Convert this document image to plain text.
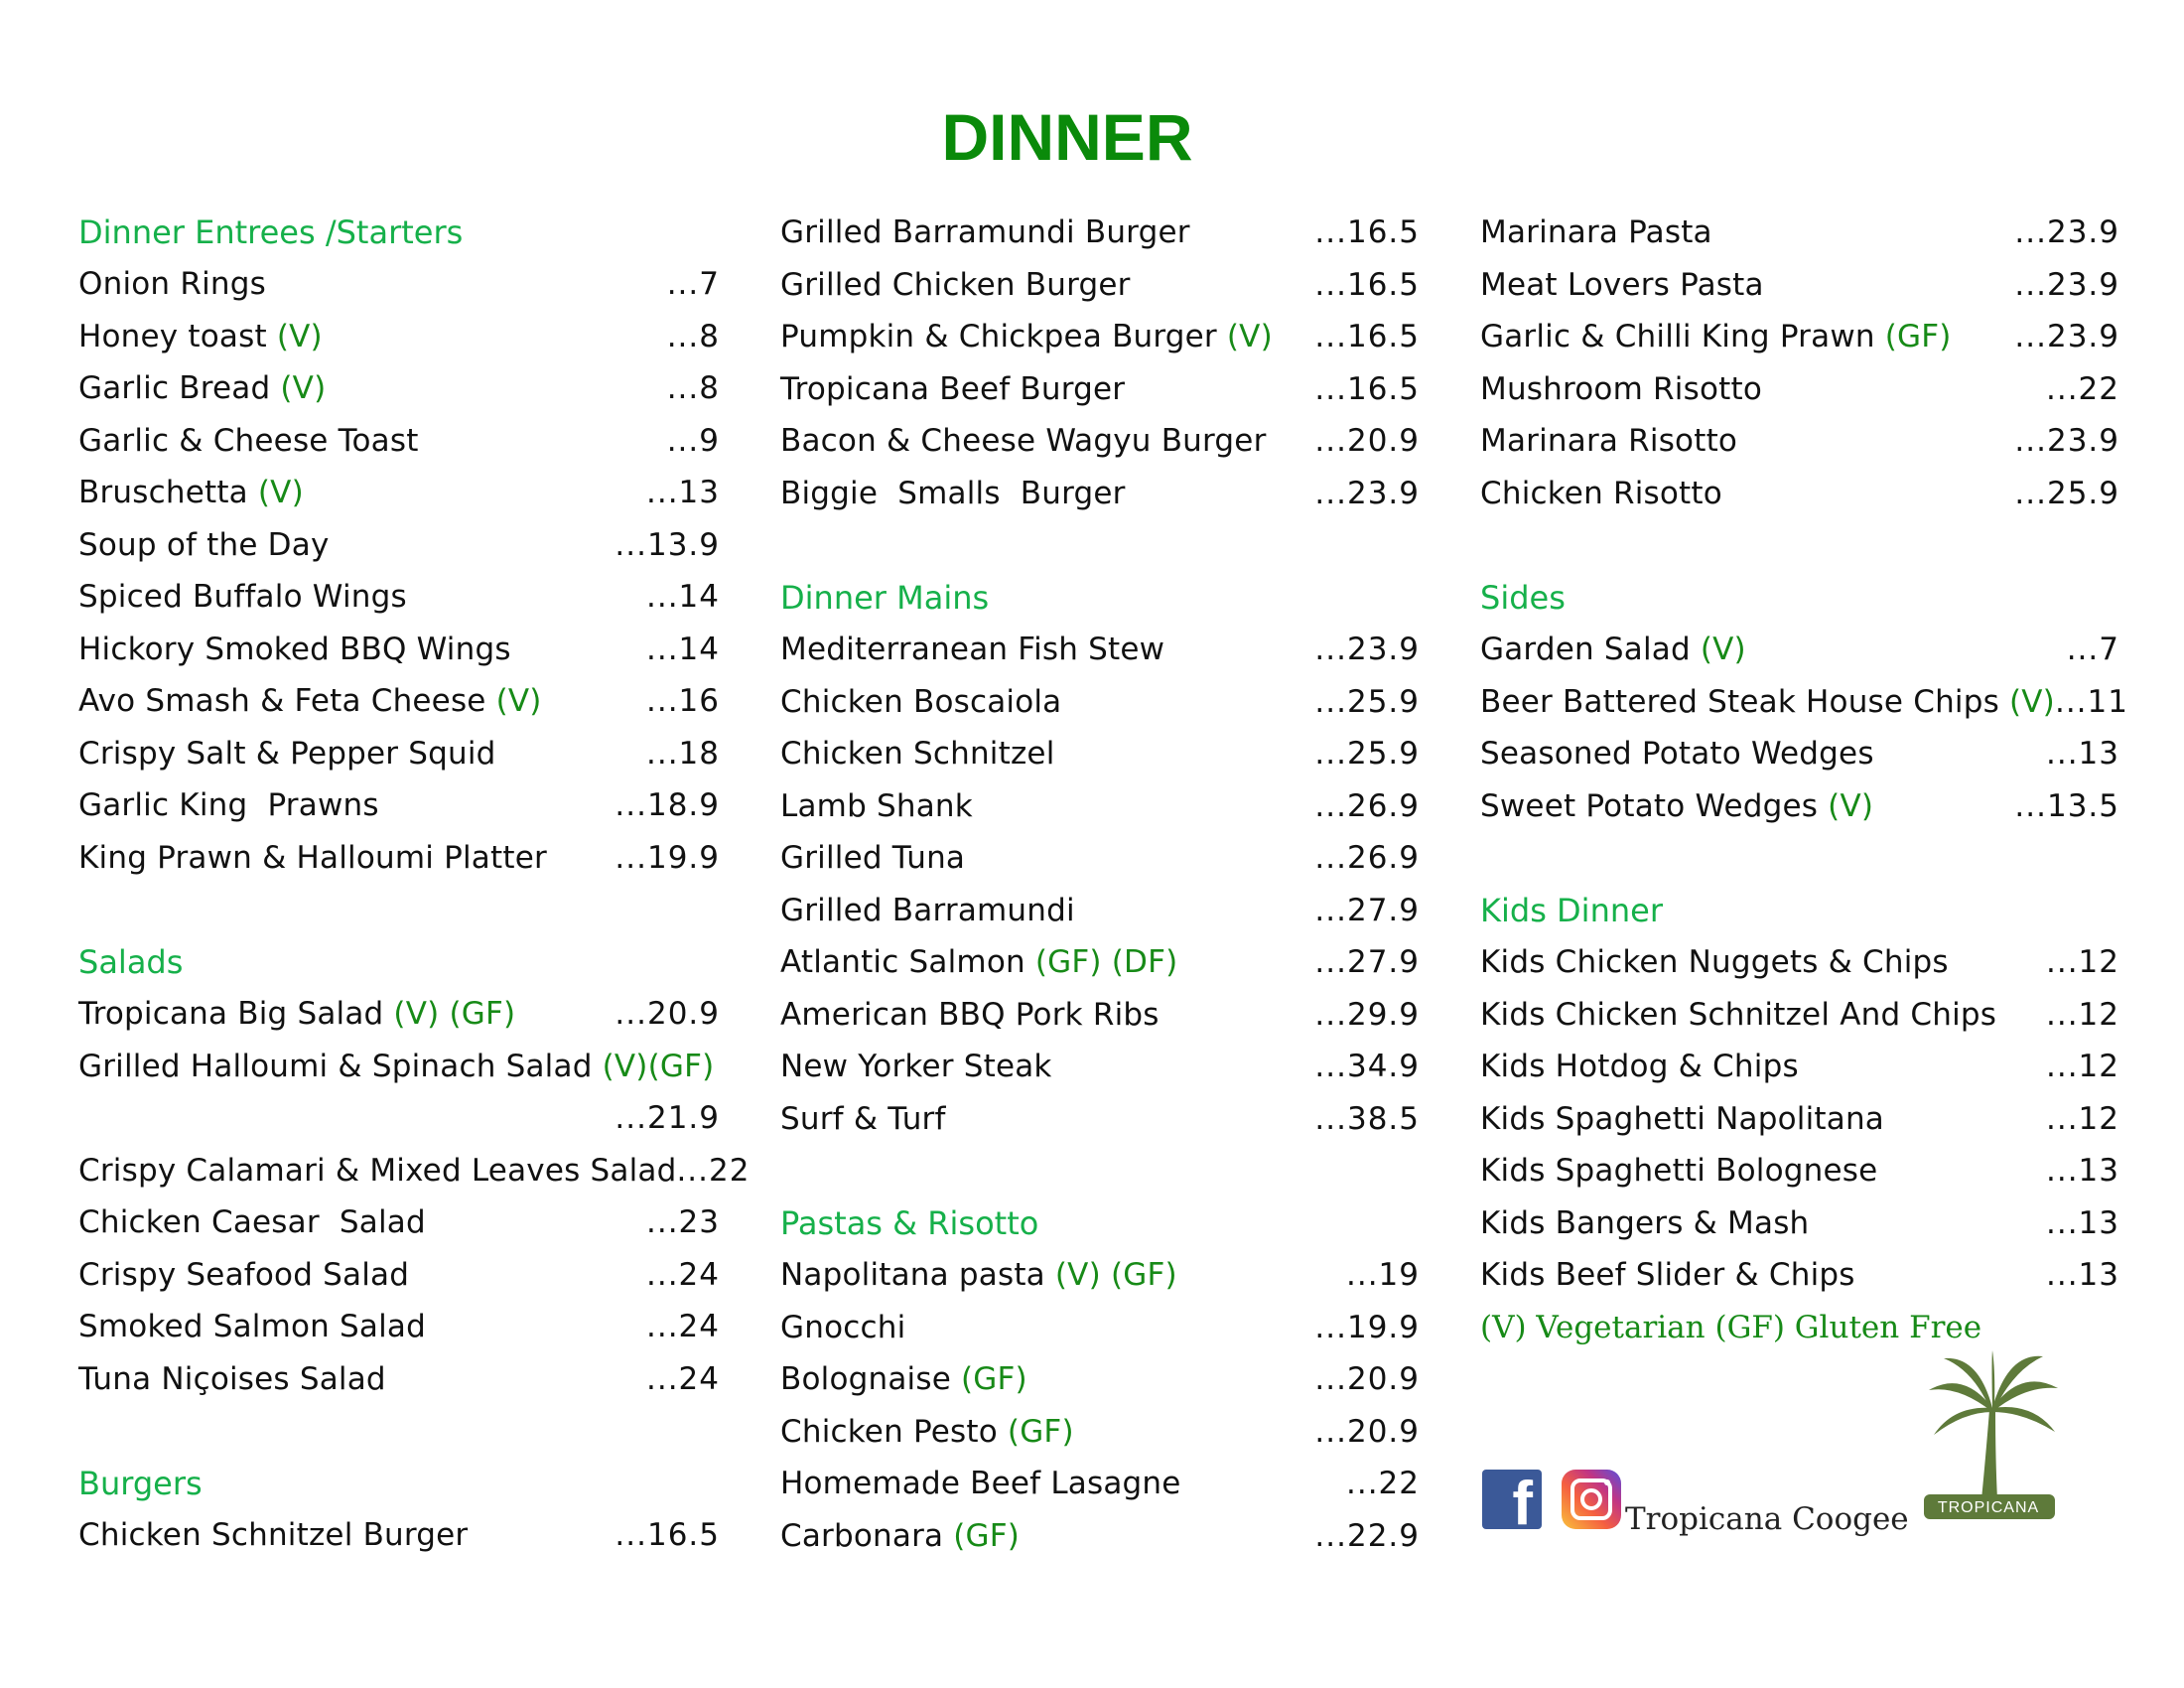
DINNER
Dinner Entrees /Starters
Onion Rings	...7
Honey toast (V)	...8
Garlic Bread (V)	...8
Garlic & Cheese Toast	...9
Bruschetta (V)	...13
Soup of the Day	...13.9
Spiced Buffalo Wings	...14
Hickory Smoked BBQ Wings	...14
Avo Smash & Feta Cheese (V)	...16
Crispy Salt & Pepper Squid	...18
Garlic King  Prawns	...18.9
King Prawn & Halloumi Platter ...19.9
Salads
Tropicana Big Salad (V) (GF)	...20.9
Grilled Halloumi & Spinach Salad (V)(GF)
...21.9
Crispy Calamari & Mixed Leaves Salad ...22
Chicken Caesar  Salad	...23
Crispy Seafood Salad	...24
Smoked Salmon Salad	...24
Tuna Niçoises Salad	...24
Burgers
Chicken Schnitzel Burger	...16.5
Grilled Barramundi Burger	...16.5
Grilled Chicken Burger	...16.5
Pumpkin & Chickpea Burger (V) ...16.5
Tropicana Beef Burger	...16.5
Bacon & Cheese Wagyu Burger ...20.9
Biggie  Smalls  Burger	...23.9
Dinner Mains
Mediterranean Fish Stew	...23.9
Chicken Boscaiola	...25.9
Chicken Schnitzel	...25.9
Lamb Shank	...26.9
Grilled Tuna	...26.9
Grilled Barramundi	...27.9
Atlantic Salmon (GF) (DF)	...27.9
American BBQ Pork Ribs	...29.9
New Yorker Steak	...34.9
Surf & Turf	...38.5
Pastas & Risotto
Napolitana pasta (V) (GF)	...19
Gnocchi	...19.9
Bolognaise (GF)	...20.9
Chicken Pesto (GF)	...20.9
Homemade Beef Lasagne	...22
Carbonara (GF)	...22.9
Marinara Pasta	...23.9
Meat Lovers Pasta	...23.9
Garlic & Chilli King Prawn (GF) ...23.9
Mushroom Risotto	...22
Marinara Risotto	...23.9
Chicken Risotto	...25.9
Sides
Garden Salad (V)	...7
Beer Battered Steak House Chips (V) ...11
Seasoned Potato Wedges	...13
Sweet Potato Wedges (V)	...13.5
Kids Dinner
Kids Chicken Nuggets & Chips	...12
Kids Chicken Schnitzel And Chips ...12
Kids Hotdog & Chips	...12
Kids Spaghetti Napolitana	...12
Kids Spaghetti Bolognese	...13
Kids Bangers & Mash	...13
Kids Beef Slider & Chips	...13
(V) Vegetarian (GF) Gluten Free
f	Tropicana Coogee	TROPICANA
